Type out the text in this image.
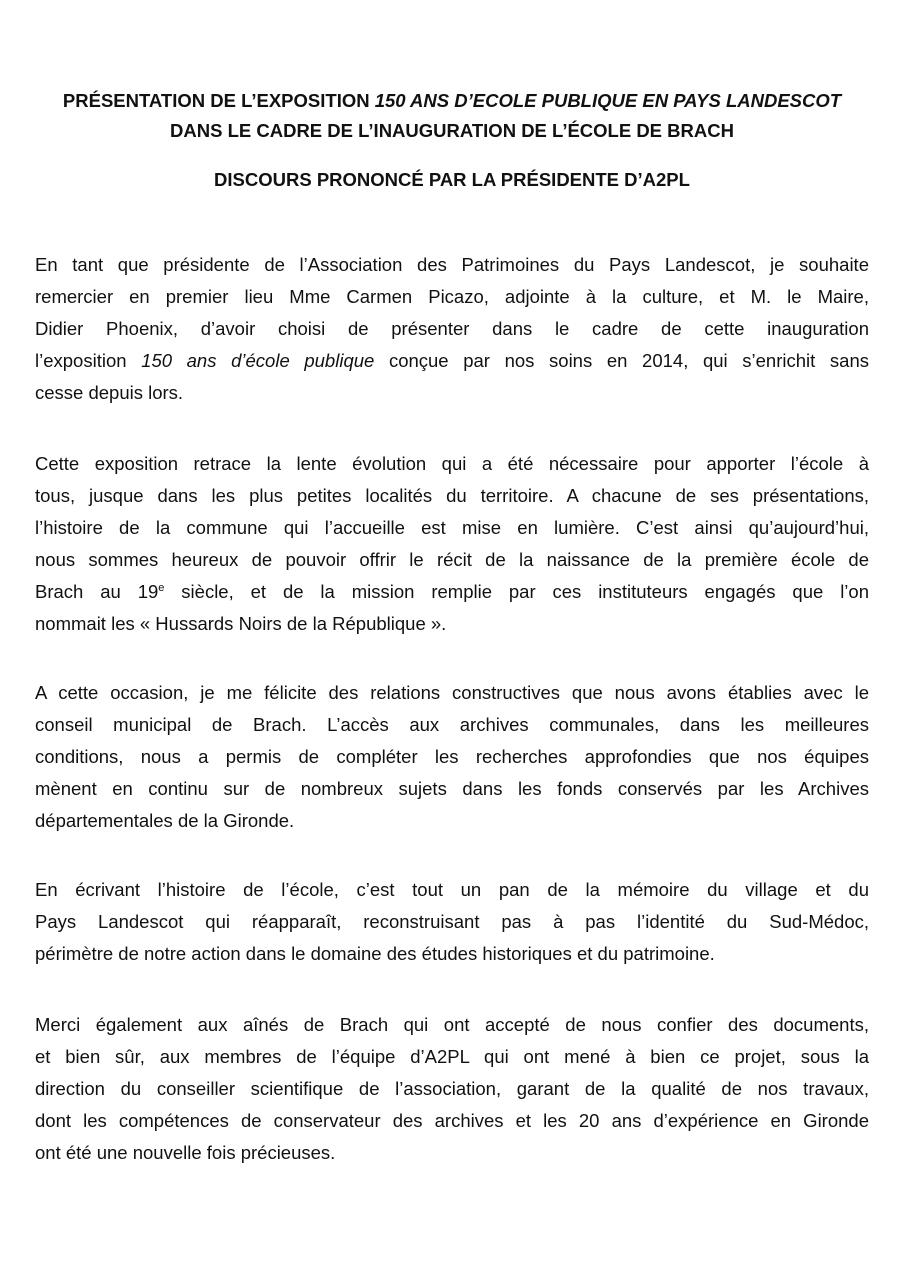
PRÉSENTATION DE L’EXPOSITION 150 ANS D’ECOLE PUBLIQUE EN PAYS LANDESCOT
DANS LE CADRE DE L’INAUGURATION DE L’ÉCOLE DE BRACH
DISCOURS PRONONCÉ PAR LA PRÉSIDENTE D’A2PL

En tant que présidente de l’Association des Patrimoines du Pays Landescot, je souhaite
remercier en premier lieu Mme Carmen Picazo, adjointe à la culture, et M. le Maire,
Didier Phoenix, d’avoir choisi de présenter dans le cadre de cette inauguration
l’exposition 150 ans d’école publique conçue par nos soins en 2014, qui s’enrichit sans
cesse depuis lors.

Cette exposition retrace la lente évolution qui a été nécessaire pour apporter l’école à
tous, jusque dans les plus petites localités du territoire. A chacune de ses présentations,
l’histoire de la commune qui l’accueille est mise en lumière. C’est ainsi qu’aujourd’hui,
nous sommes heureux de pouvoir offrir le récit de la naissance de la première école de
Brach au 19e siècle, et de la mission remplie par ces instituteurs engagés que l’on
nommait les « Hussards Noirs de la République ».

A cette occasion, je me félicite des relations constructives que nous avons établies avec le
conseil municipal de Brach. L’accès aux archives communales, dans les meilleures
conditions, nous a permis de compléter les recherches approfondies que nos équipes
mènent en continu sur de nombreux sujets dans les fonds conservés par les Archives
départementales de la Gironde.

En écrivant l’histoire de l’école, c’est tout un pan de la mémoire du village et du
Pays Landescot qui réapparaît, reconstruisant pas à pas l’identité du Sud-Médoc,
périmètre de notre action dans le domaine des études historiques et du patrimoine.

Merci également aux aînés de Brach qui ont accepté de nous confier des documents,
et bien sûr, aux membres de l’équipe d’A2PL qui ont mené à bien ce projet, sous la
direction du conseiller scientifique de l’association, garant de la qualité de nos travaux,
dont les compétences de conservateur des archives et les 20 ans d’expérience en Gironde
ont été une nouvelle fois précieuses.
